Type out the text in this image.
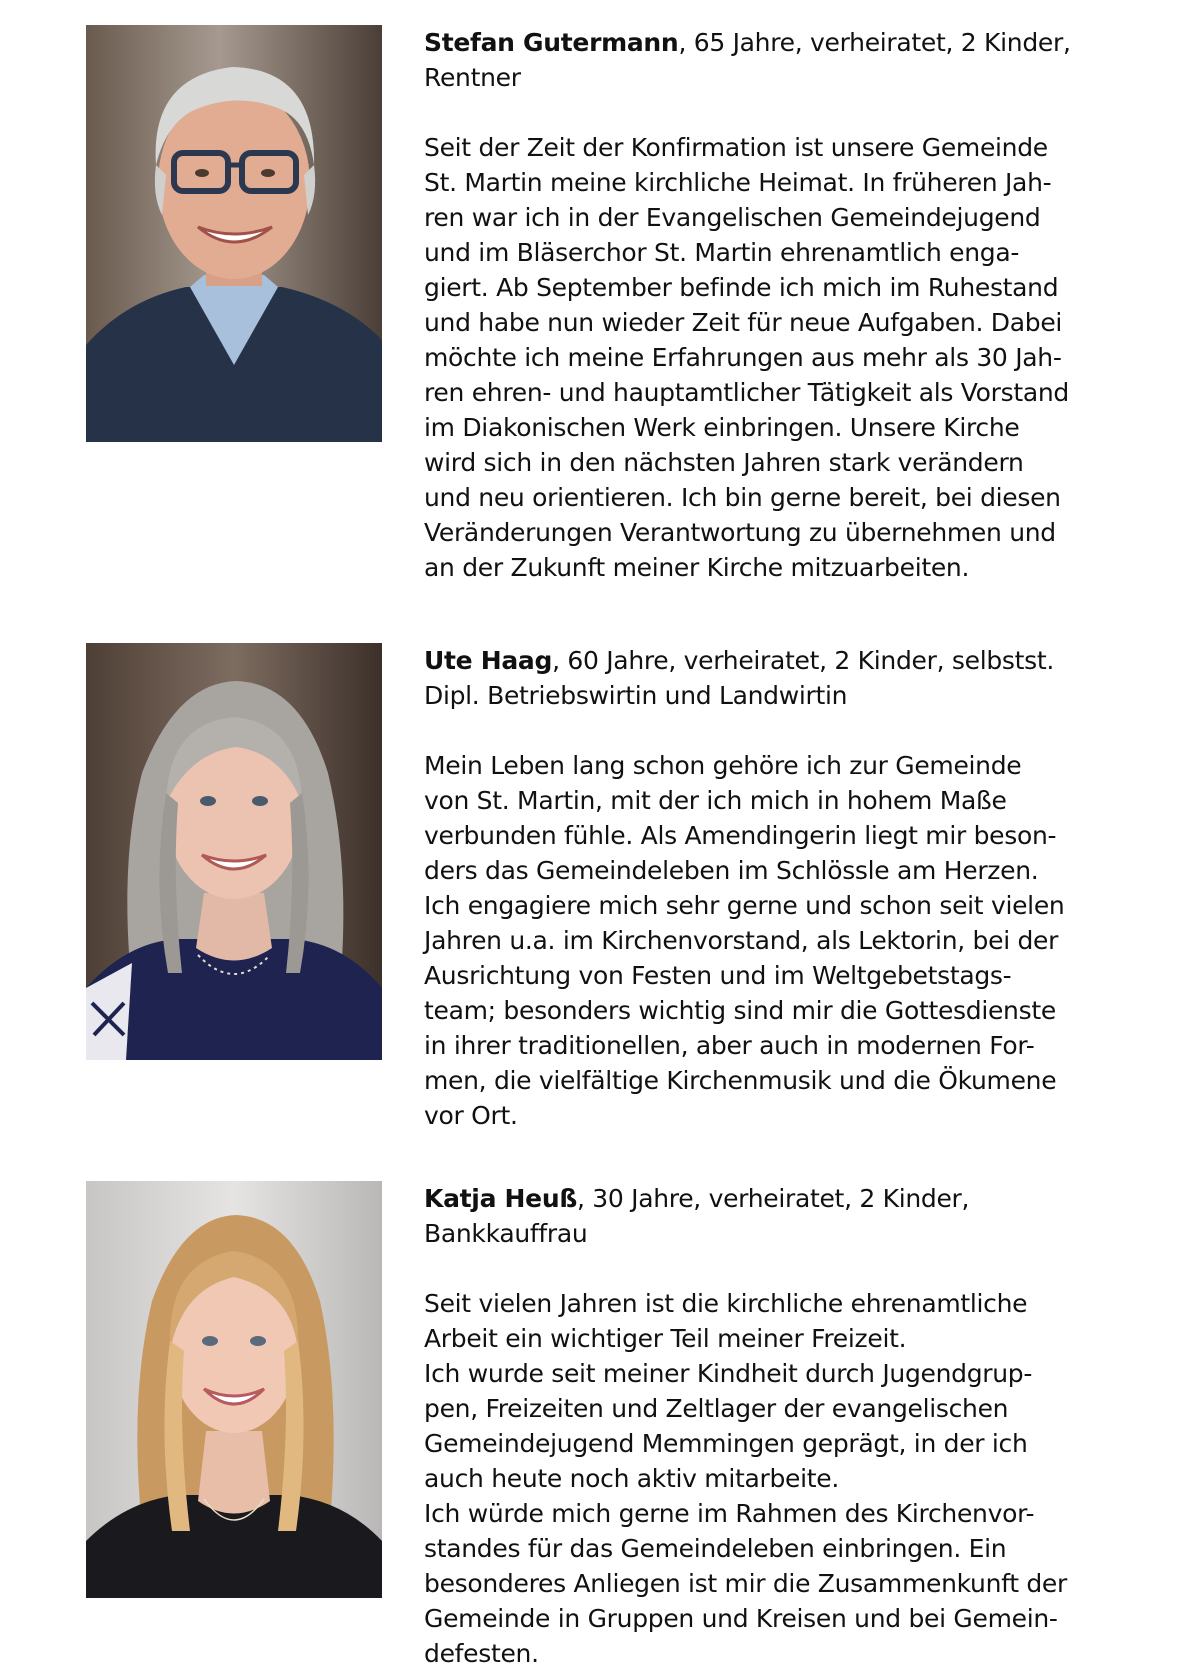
Stefan Gutermann, 65 Jahre, verheiratet, 2 Kinder,
Rentner
Seit der Zeit der Konfirmation ist unsere Gemeinde
St. Martin meine kirchliche Heimat. In früheren Jah-
ren war ich in der Evangelischen Gemeindejugend
und im Bläserchor St. Martin ehrenamtlich enga-
giert. Ab September befinde ich mich im Ruhestand
und habe nun wieder Zeit für neue Aufgaben. Dabei
möchte ich meine Erfahrungen aus mehr als 30 Jah-
ren ehren- und hauptamtlicher Tätigkeit als Vorstand
im Diakonischen Werk einbringen. Unsere Kirche
wird sich in den nächsten Jahren stark verändern
und neu orientieren. Ich bin gerne bereit, bei diesen
Veränderungen Verantwortung zu übernehmen und
an der Zukunft meiner Kirche mitzuarbeiten.
Ute Haag, 60 Jahre, verheiratet, 2 Kinder, selbstst.
Dipl. Betriebswirtin und Landwirtin
Mein Leben lang schon gehöre ich zur Gemeinde
von St. Martin, mit der ich mich in hohem Maße
verbunden fühle. Als Amendingerin liegt mir beson-
ders das Gemeindeleben im Schlössle am Herzen.
Ich engagiere mich sehr gerne und schon seit vielen
Jahren u.a. im Kirchenvorstand, als Lektorin, bei der
Ausrichtung von Festen und im Weltgebetstags-
team; besonders wichtig sind mir die Gottesdienste
in ihrer traditionellen, aber auch in modernen For-
men, die vielfältige Kirchenmusik und die Ökumene
vor Ort.
Katja Heuß, 30 Jahre, verheiratet, 2 Kinder,
Bankkauffrau
Seit vielen Jahren ist die kirchliche ehrenamtliche
Arbeit ein wichtiger Teil meiner Freizeit.
Ich wurde seit meiner Kindheit durch Jugendgrup-
pen, Freizeiten und Zeltlager der evangelischen
Gemeindejugend Memmingen geprägt, in der ich
auch heute noch aktiv mitarbeite.
Ich würde mich gerne im Rahmen des Kirchenvor-
standes für das Gemeindeleben einbringen. Ein
besonderes Anliegen ist mir die Zusammenkunft der
Gemeinde in Gruppen und Kreisen und bei Gemein-
defesten.
